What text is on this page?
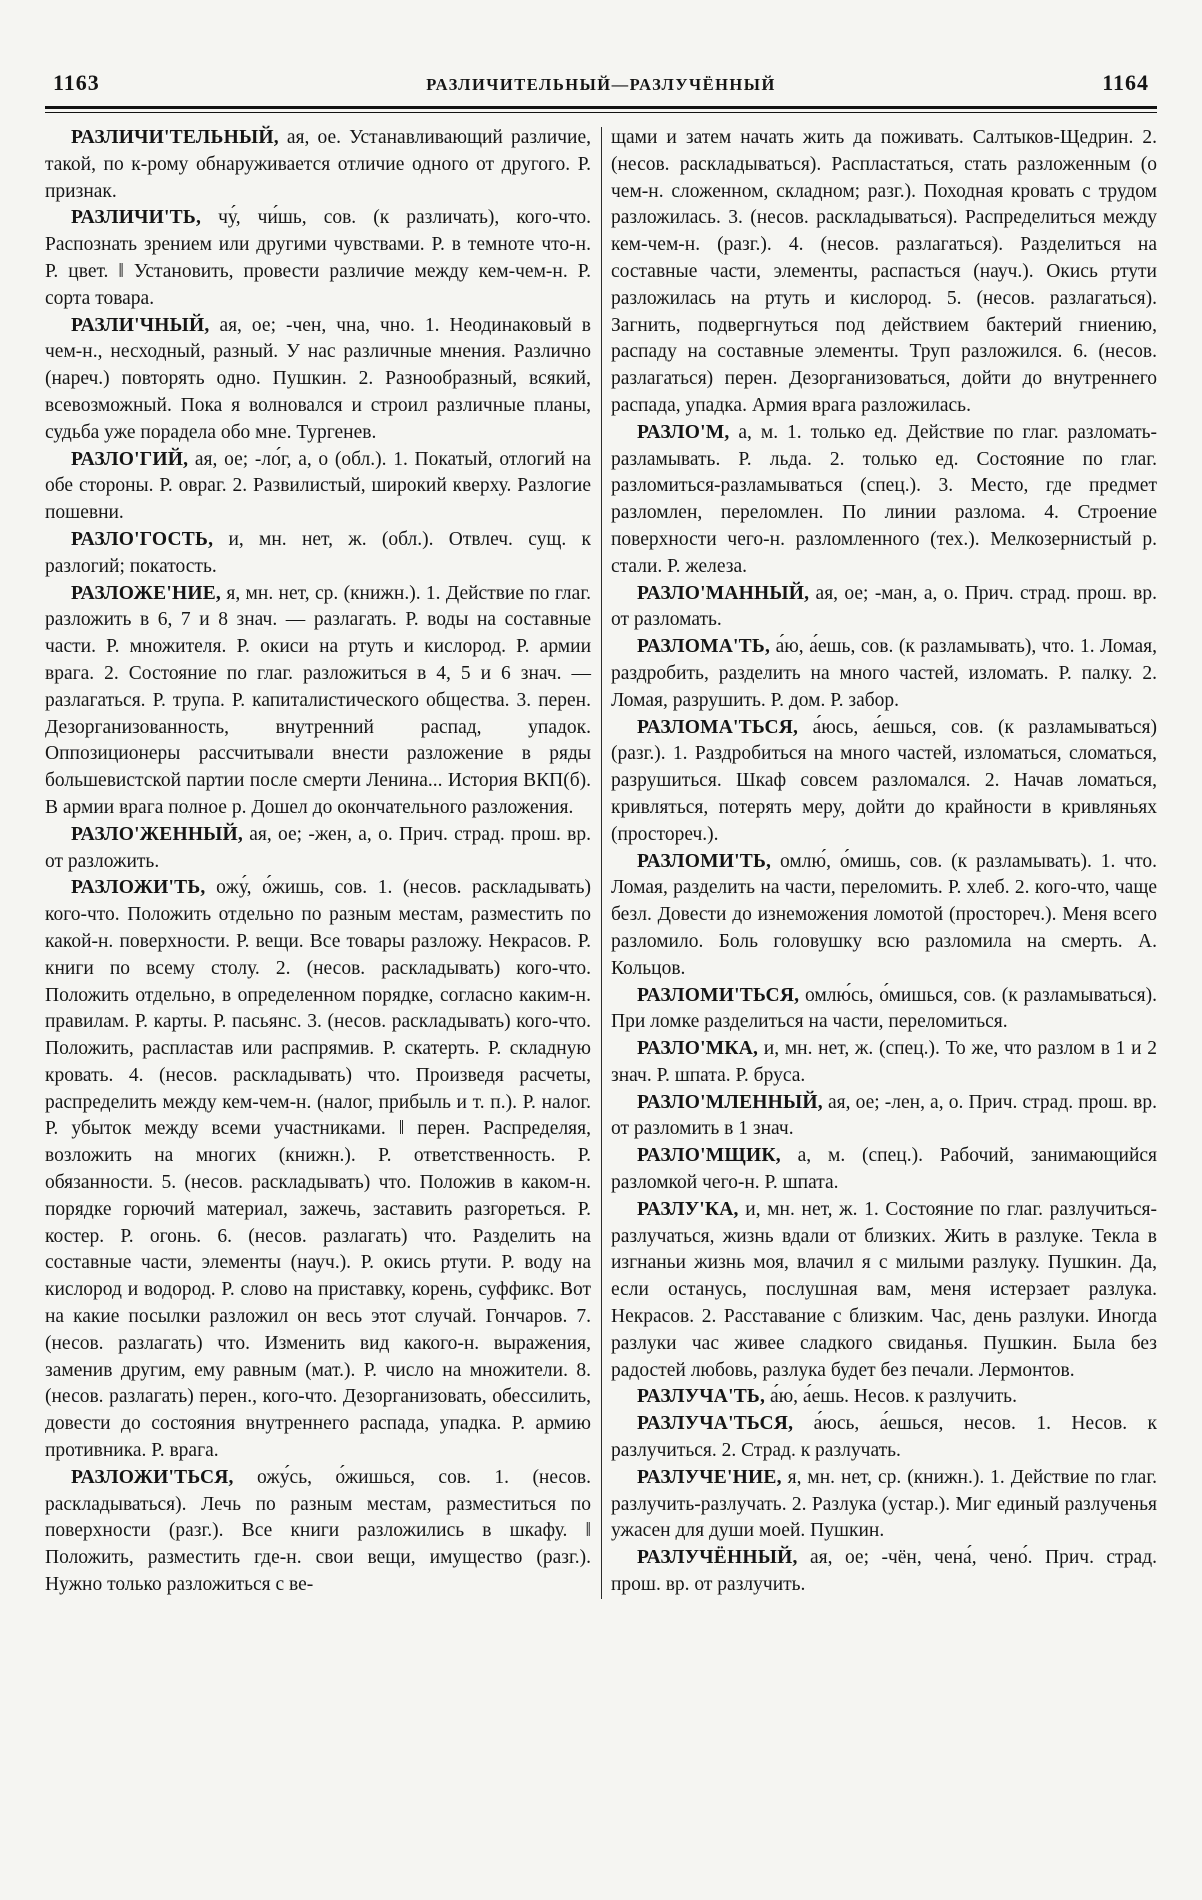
1163	РАЗЛИЧИТЕЛЬНЫЙ—РАЗЛУЧЁННЫЙ	1164

РАЗЛИЧИ'ТЕЛЬНЫЙ, ая, ое. Устанавливающий различие, такой, по к-рому обнаруживается отличие одного от другого. Р. признак.

РАЗЛИЧИ'ТЬ, чу́, чи́шь, сов. (к различать), кого-что. Распознать зрением или другими чувствами. Р. в темноте что-н. Р. цвет. ‖ Установить, провести различие между кем-чем-н. Р. сорта товара.

РАЗЛИ'ЧНЫЙ, ая, ое; -чен, чна, чно. 1. Неодинаковый в чем-н., несходный, разный. У нас различные мнения. Различно (нареч.) повторять одно. Пушкин. 2. Разнообразный, всякий, всевозможный. Пока я волновался и строил различные планы, судьба уже порадела обо мне. Тургенев.

РАЗЛО'ГИЙ, ая, ое; -ло́г, а, о (обл.). 1. Покатый, отлогий на обе стороны. Р. овраг. 2. Развилистый, широкий кверху. Разлогие пошевни.

РАЗЛО'ГОСТЬ, и, мн. нет, ж. (обл.). Отвлеч. сущ. к разлогий; покатость.

РАЗЛОЖЕ'НИЕ, я, мн. нет, ср. (книжн.). 1. Действие по глаг. разложить в 6, 7 и 8 знач. — разлагать. Р. воды на составные части. Р. множителя. Р. окиси на ртуть и кислород. Р. армии врага. 2. Состояние по глаг. разложиться в 4, 5 и 6 знач. — разлагаться. Р. трупа. Р. капиталистического общества. 3. перен. Дезорганизованность, внутренний распад, упадок. Оппозиционеры рассчитывали внести разложение в ряды большевистской партии после смерти Ленина... История ВКП(б). В армии врага полное р. Дошел до окончательного разложения.

РАЗЛО'ЖЕННЫЙ, ая, ое; -жен, а, о. Прич. страд. прош. вр. от разложить.

РАЗЛОЖИ'ТЬ, ожу́, о́жишь, сов. 1. (несов. раскладывать) кого-что. Положить отдельно по разным местам, разместить по какой-н. поверхности. Р. вещи. Все товары разложу. Некрасов. Р. книги по всему столу. 2. (несов. раскладывать) кого-что. Положить отдельно, в определенном порядке, согласно каким-н. правилам. Р. карты. Р. пасьянс. 3. (несов. раскладывать) кого-что. Положить, распластав или распрямив. Р. скатерть. Р. складную кровать. 4. (несов. раскладывать) что. Произведя расчеты, распределить между кем-чем-н. (налог, прибыль и т. п.). Р. налог. Р. убыток между всеми участниками. ‖ перен. Распределяя, возложить на многих (книжн.). Р. ответственность. Р. обязанности. 5. (несов. раскладывать) что. Положив в каком-н. порядке горючий материал, зажечь, заставить разгореться. Р. костер. Р. огонь. 6. (несов. разлагать) что. Разделить на составные части, элементы (науч.). Р. окись ртути. Р. воду на кислород и водород. Р. слово на приставку, корень, суффикс. Вот на какие посылки разложил он весь этот случай. Гончаров. 7. (несов. разлагать) что. Изменить вид какого-н. выражения, заменив другим, ему равным (мат.). Р. число на множители. 8. (несов. разлагать) перен., кого-что. Дезорганизовать, обессилить, довести до состояния внутреннего распада, упадка. Р. армию противника. Р. врага.

РАЗЛОЖИ'ТЬСЯ, ожу́сь, о́жишься, сов. 1. (несов. раскладываться). Лечь по разным местам, разместиться по поверхности (разг.). Все книги разложились в шкафу. ‖ Положить, разместить где-н. свои вещи, имущество (разг.). Нужно только разложиться с ве-

щами и затем начать жить да поживать. Салтыков-Щедрин. 2. (несов. раскладываться). Распластаться, стать разложенным (о чем-н. сложенном, складном; разг.). Походная кровать с трудом разложилась. 3. (несов. раскладываться). Распределиться между кем-чем-н. (разг.). 4. (несов. разлагаться). Разделиться на составные части, элементы, распасться (науч.). Окись ртути разложилась на ртуть и кислород. 5. (несов. разлагаться). Загнить, подвергнуться под действием бактерий гниению, распаду на составные элементы. Труп разложился. 6. (несов. разлагаться) перен. Дезорганизоваться, дойти до внутреннего распада, упадка. Армия врага разложилась.

РАЗЛО'М, а, м. 1. только ед. Действие по глаг. разломать-разламывать. Р. льда. 2. только ед. Состояние по глаг. разломиться-разламываться (спец.). 3. Место, где предмет разломлен, переломлен. По линии разлома. 4. Строение поверхности чего-н. разломленного (тех.). Мелкозернистый р. стали. Р. железа.

РАЗЛО'МАННЫЙ, ая, ое; -ман, а, о. Прич. страд. прош. вр. от разломать.

РАЗЛОМА'ТЬ, а́ю, а́ешь, сов. (к разламывать), что. 1. Ломая, раздробить, разделить на много частей, изломать. Р. палку. 2. Ломая, разрушить. Р. дом. Р. забор.

РАЗЛОМА'ТЬСЯ, а́юсь, а́ешься, сов. (к разламываться) (разг.). 1. Раздробиться на много частей, изломаться, сломаться, разрушиться. Шкаф совсем разломался. 2. Начав ломаться, кривляться, потерять меру, дойти до крайности в кривляньях (простореч.).

РАЗЛОМИ'ТЬ, омлю́, о́мишь, сов. (к разламывать). 1. что. Ломая, разделить на части, переломить. Р. хлеб. 2. кого-что, чаще безл. Довести до изнеможения ломотой (простореч.). Меня всего разломило. Боль головушку всю разломила на смерть. А. Кольцов.

РАЗЛОМИ'ТЬСЯ, омлю́сь, о́мишься, сов. (к разламываться). При ломке разделиться на части, переломиться.

РАЗЛО'МКА, и, мн. нет, ж. (спец.). То же, что разлом в 1 и 2 знач. Р. шпата. Р. бруса.

РАЗЛО'МЛЕННЫЙ, ая, ое; -лен, а, о. Прич. страд. прош. вр. от разломить в 1 знач.

РАЗЛО'МЩИК, а, м. (спец.). Рабочий, занимающийся разломкой чего-н. Р. шпата.

РАЗЛУ'КА, и, мн. нет, ж. 1. Состояние по глаг. разлучиться-разлучаться, жизнь вдали от близких. Жить в разлуке. Текла в изгнаньи жизнь моя, влачил я с милыми разлуку. Пушкин. Да, если останусь, послушная вам, меня истерзает разлука. Некрасов. 2. Расставание с близким. Час, день разлуки. Иногда разлуки час живее сладкого свиданья. Пушкин. Была без радостей любовь, разлука будет без печали. Лермонтов.

РАЗЛУЧА'ТЬ, а́ю, а́ешь. Несов. к разлучить.

РАЗЛУЧА'ТЬСЯ, а́юсь, а́ешься, несов. 1. Несов. к разлучиться. 2. Страд. к разлучать.

РАЗЛУЧЕ'НИЕ, я, мн. нет, ср. (книжн.). 1. Действие по глаг. разлучить-разлучать. 2. Разлука (устар.). Миг единый разлученья ужасен для души моей. Пушкин.

РАЗЛУЧЁННЫЙ, ая, ое; -чён, чена́, чено́. Прич. страд. прош. вр. от разлучить.
